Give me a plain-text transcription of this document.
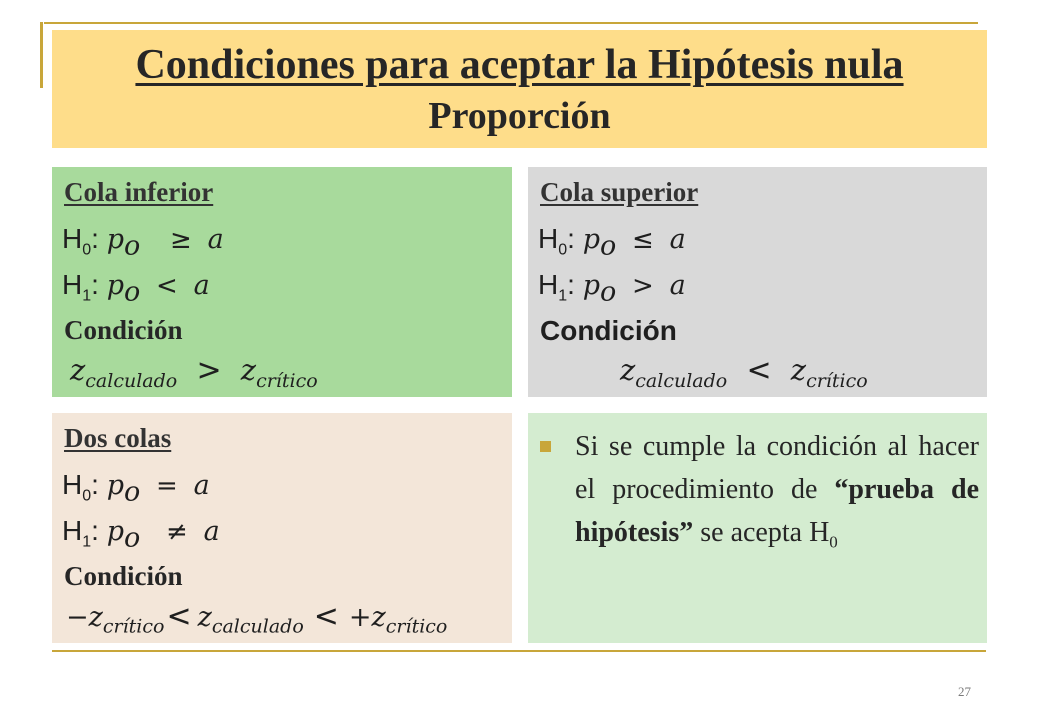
Condiciones para aceptar la Hipótesis nula
Proporción
Cola inferior
$H_0$: $p_o \ge a$
$H_1$: $p_o < a$
Condición
$z_{calculado} > z_{crítico}$
Cola superior
$H_0$: $p_o \le a$
$H_1$: $p_o > a$
Condición
$z_{calculado} < z_{crítico}$
Dos colas
$H_0$: $p_o = a$
$H_1$: $p_o \ne a$
Condición
$-z_{crítico}< z_{calculado} < +z_{crítico}$
Si se cumple la condición al hacer el procedimiento de “prueba de hipótesis” se acepta $H_0$
27
